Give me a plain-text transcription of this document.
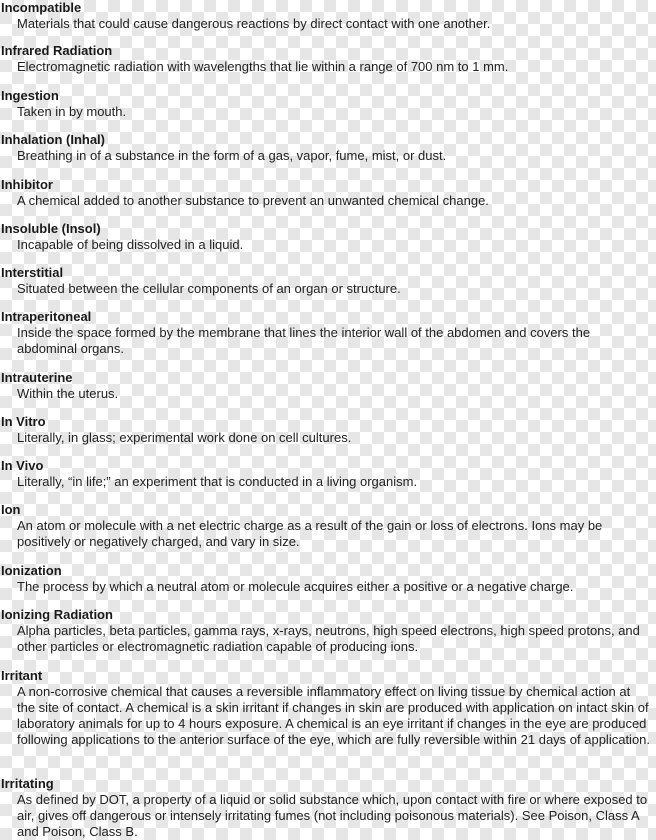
Incompatible
Materials that could cause dangerous reactions by direct contact with one another.
Infrared Radiation
Electromagnetic radiation with wavelengths that lie within a range of 700 nm to 1 mm.
Ingestion
Taken in by mouth.
Inhalation (Inhal)
Breathing in of a substance in the form of a gas, vapor, fume, mist, or dust.
Inhibitor
A chemical added to another substance to prevent an unwanted chemical change.
Insoluble (Insol)
Incapable of being dissolved in a liquid.
Interstitial
Situated between the cellular components of an organ or structure.
Intraperitoneal
Inside the space formed by the membrane that lines the interior wall of the abdomen and covers the abdominal organs.
Intrauterine
Within the uterus.
In Vitro
Literally, in glass; experimental work done on cell cultures.
In Vivo
Literally, “in life;” an experiment that is conducted in a living organism.
Ion
An atom or molecule with a net electric charge as a result of the gain or loss of electrons. Ions may be positively or negatively charged, and vary in size.
Ionization
The process by which a neutral atom or molecule acquires either a positive or a negative charge.
Ionizing Radiation
Alpha particles, beta particles, gamma rays, x-rays, neutrons, high speed electrons, high speed protons, and other particles or electromagnetic radiation capable of producing ions.
Irritant
A non-corrosive chemical that causes a reversible inflammatory effect on living tissue by chemical action at the site of contact. A chemical is a skin irritant if changes in skin are produced with application on intact skin of laboratory animals for up to 4 hours exposure. A chemical is an eye irritant if changes in the eye are produced following applications to the anterior surface of the eye, which are fully reversible within 21 days of application.
Irritating
As defined by DOT, a property of a liquid or solid substance which, upon contact with fire or where exposed to air, gives off dangerous or intensely irritating fumes (not including poisonous materials). See Poison, Class A and Poison, Class B.
